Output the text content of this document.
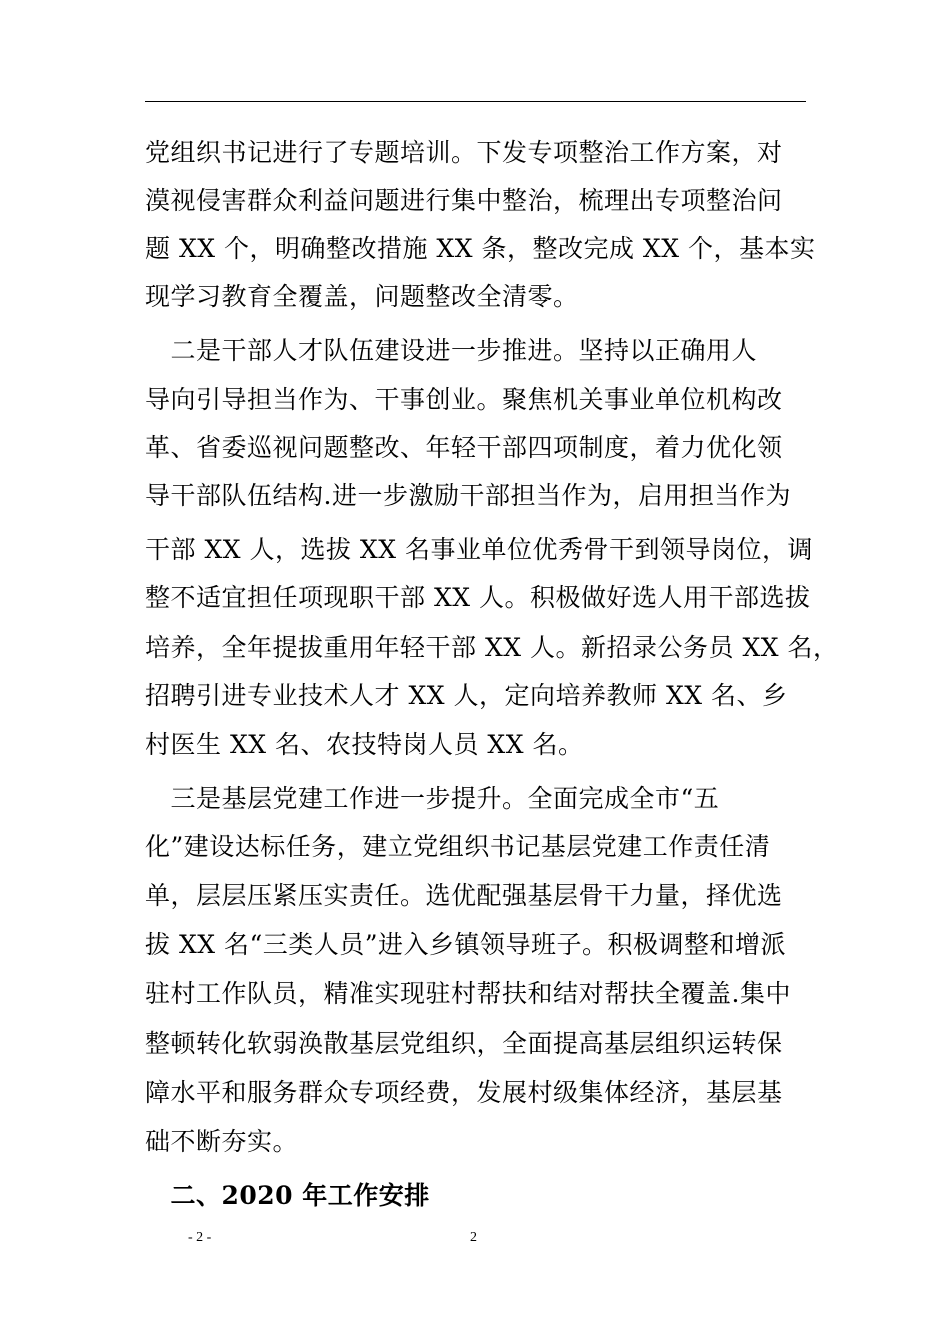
党组织书记进行了专题培训。下发专项整治工作方案，对
漠视侵害群众利益问题进行集中整治，梳理出专项整治问
题 XX 个，明确整改措施 XX 条，整改完成 XX 个，基本实
现学习教育全覆盖，问题整改全清零。
　二是干部人才队伍建设进一步推进。坚持以正确用人
导向引导担当作为、干事创业。聚焦机关事业单位机构改
革、省委巡视问题整改、年轻干部四项制度，着力优化领
导干部队伍结构.进一步激励干部担当作为，启用担当作为
干部 XX 人，选拔 XX 名事业单位优秀骨干到领导岗位，调
整不适宜担任项现职干部 XX 人。积极做好选人用干部选拔
培养，全年提拔重用年轻干部 XX 人。新招录公务员 XX 名，
招聘引进专业技术人才 XX 人，定向培养教师 XX 名、乡
村医生 XX 名、农技特岗人员 XX 名。
　三是基层党建工作进一步提升。全面完成全市“五
化”建设达标任务，建立党组织书记基层党建工作责任清
单，层层压紧压实责任。选优配强基层骨干力量，择优选
拔 XX 名“三类人员”进入乡镇领导班子。积极调整和增派
驻村工作队员，精准实现驻村帮扶和结对帮扶全覆盖.集中
整顿转化软弱涣散基层党组织，全面提高基层组织运转保
障水平和服务群众专项经费，发展村级集体经济，基层基
础不断夯实。
　二、2020 年工作安排
- 2 -	2
